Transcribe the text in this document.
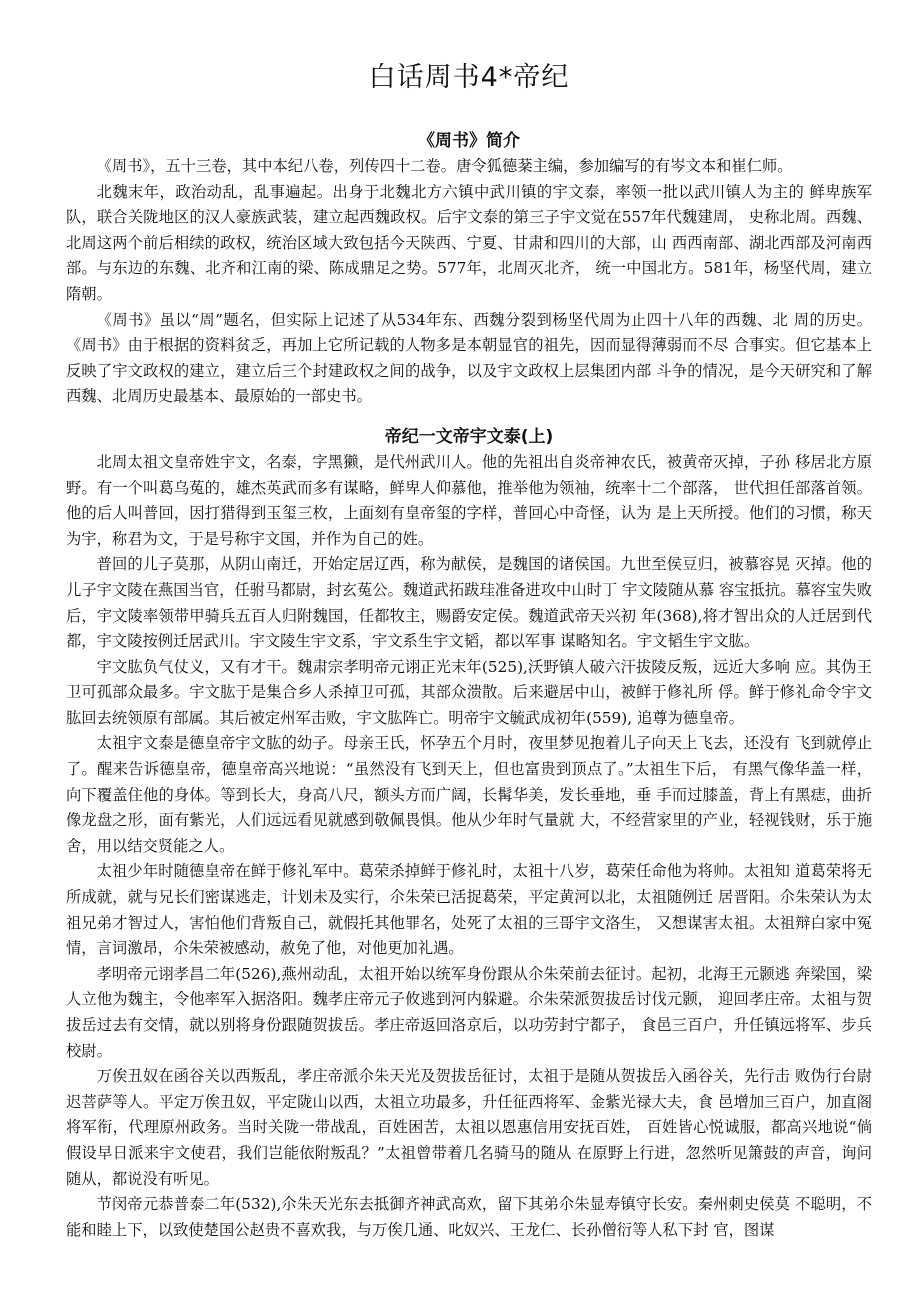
白话周书4*帝纪
《周书》简介

《周书》，五十三卷，其中本纪八卷，列传四十二卷。唐令狐德棻主编，参加编写的有岑文本和崔仁师。

北魏末年，政治动乱，乱事遍起。出身于北魏北方六镇中武川镇的宇文泰，率领一批以武川镇人为主的 鲜卑族军队，联合关陇地区的汉人豪族武装，建立起西魏政权。后宇文泰的第三子宇文觉在557年代魏建周， 史称北周。西魏、北周这两个前后相续的政权，统治区域大致包括今天陕西、宁夏、甘肃和四川的大部，山 西西南部、湖北西部及河南西部。与东边的东魏、北齐和江南的梁、陈成鼎足之势。577年，北周灭北齐， 统一中国北方。581年，杨坚代周，建立隋朝。

《周书》虽以“周”题名，但实际上记述了从534年东、西魏分裂到杨坚代周为止四十八年的西魏、北 周的历史。《周书》由于根据的资料贫乏，再加上它所记载的人物多是本朝显官的祖先，因而显得薄弱而不尽 合事实。但它基本上反映了宇文政权的建立，建立后三个封建政权之间的战争，以及宇文政权上层集团内部 斗争的情况，是今天研究和了解西魏、北周历史最基本、最原始的一部史书。

帝纪一文帝宇文泰(上)

北周太祖文皇帝姓宇文，名泰，字黑獭，是代州武川人。他的先祖出自炎帝神农氏，被黄帝灭掉，子孙 移居北方原野。有一个叫葛乌菟的，雄杰英武而多有谋略，鲜卑人仰慕他，推举他为领袖，统率十二个部落， 世代担任部落首领。他的后人叫普回，因打猎得到玉玺三枚，上面刻有皇帝玺的字样，普回心中奇怪，认为 是上天所授。他们的习惯，称天为宇，称君为文，于是号称宇文国，并作为自己的姓。

普回的儿子莫那，从阴山南迁，开始定居辽西，称为献侯，是魏国的诸侯国。九世至侯豆归，被慕容晃 灭掉。他的儿子宇文陵在燕国当官，任驸马都尉，封玄菟公。魏道武拓跋珪准备进攻中山时丁 宇文陵随从慕 容宝抵抗。慕容宝失败后，宇文陵率领带甲骑兵五百人归附魏国，任都牧主，赐爵安定侯。魏道武帝天兴初 年(368),将才智出众的人迁居到代都，宇文陵按例迁居武川。宇文陵生宇文系，宇文系生宇文韬，都以军事 谋略知名。宇文韬生宇文肱。

宇文肱负气仗义，又有才干。魏肃宗孝明帝元诩正光末年(525),沃野镇人破六汗拔陵反叛，远近大多响 应。其伪王卫可孤部众最多。宇文肱于是集合乡人杀掉卫可孤，其部众溃散。后来避居中山，被鲜于修礼所 俘。鲜于修礼命令宇文肱回去统领原有部属。其后被定州军击败，宇文肱阵亡。明帝宇文毓武成初年(559), 追尊为德皇帝。

太祖宇文泰是德皇帝宇文肱的幼子。母亲王氏，怀孕五个月时，夜里梦见抱着儿子向天上飞去，还没有 飞到就停止了。醒来告诉德皇帝，德皇帝高兴地说：“虽然没有飞到天上，但也富贵到顶点了。”太祖生下后， 有黑气像华盖一样，向下覆盖住他的身体。等到长大，身高八尺，额头方而广阔，长髯华美，发长垂地，垂 手而过膝盖，背上有黑痣，曲折像龙盘之形，面有紫光，人们远远看见就感到敬佩畏惧。他从少年时气量就 大，不经营家里的产业，轻视钱财，乐于施舍，用以结交贤能之人。

太祖少年时随德皇帝在鲜于修礼军中。葛荣杀掉鲜于修礼时，太祖十八岁，葛荣任命他为将帅。太祖知 道葛荣将无所成就，就与兄长们密谋逃走，计划未及实行，尒朱荣已活捉葛荣，平定黄河以北，太祖随例迁 居晋阳。尒朱荣认为太祖兄弟才智过人，害怕他们背叛自己，就假托其他罪名，处死了太祖的三哥宇文洛生， 又想谋害太祖。太祖辩白家中冤情，言词激昂，尒朱荣被感动，赦免了他，对他更加礼遇。

孝明帝元诩孝昌二年(526),燕州动乱，太祖开始以统军身份跟从尒朱荣前去征讨。起初，北海王元颢逃 奔梁国，梁人立他为魏主，令他率军入据洛阳。魏孝庄帝元子攸逃到河内躲避。尒朱荣派贺拔岳讨伐元颢， 迎回孝庄帝。太祖与贺拔岳过去有交情，就以别将身份跟随贺拔岳。孝庄帝返回洛京后，以功劳封宁都子， 食邑三百户，升任镇远将军、步兵校尉。

万俟丑奴在函谷关以西叛乱，孝庄帝派尒朱天光及贺拔岳征讨，太祖于是随从贺拔岳入函谷关，先行击 败伪行台尉迟菩萨等人。平定万俟丑奴，平定陇山以西，太祖立功最多，升任征西将军、金紫光禄大夫，食 邑增加三百户，加直阁将军衔，代理原州政务。当时关陇一带战乱，百姓困苦，太祖以恩惠信用安抚百姓， 百姓皆心悦诚服，都高兴地说“倘假设早日派来宇文使君，我们岂能依附叛乱？”太祖曾带着几名骑马的随从 在原野上行进，忽然听见箫鼓的声音，询问随从，都说没有听见。

节闵帝元恭普泰二年(532),尒朱天光东去抵御齐神武高欢，留下其弟尒朱显寿镇守长安。秦州刺史侯莫 不聪明，不能和睦上下，以致使楚国公赵贵不喜欢我，与万俟几通、叱奴兴、王龙仁、长孙僧衍等人私下封 官，图谋
